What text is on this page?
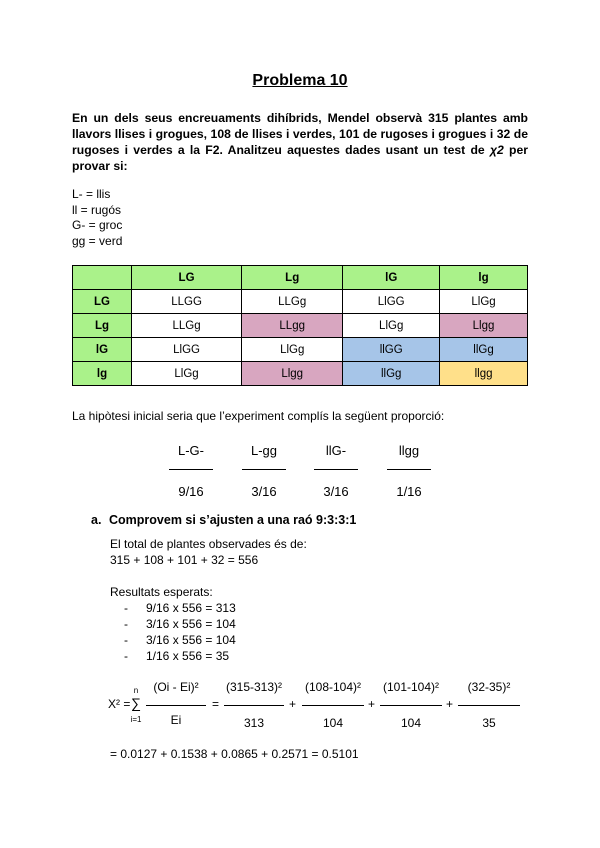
Problema 10
En un dels seus encreuaments dihíbrids, Mendel observà 315 plantes amb llavors llises i grogues, 108 de llises i verdes, 101 de rugoses i grogues i 32 de rugoses i verdes a la F2. Analitzeu aquestes dades usant un test de χ2 per provar si:
L- = llis
ll = rugós
G- = groc
gg = verd
	LG	Lg	lG	lg
LG	LLGG	LLGg	LlGG	LlGg
Lg	LLGg	LLgg	LlGg	Llgg
lG	LlGG	LlGg	llGG	llGg
lg	LlGg	Llgg	llGg	llgg
La hipòtesi inicial seria que l’experiment complís la següent proporció:
L-G-
9/16
L-gg
3/16
llG-
3/16
llgg
1/16
a. Comprovem si s’ajusten a una raó 9:3:3:1
El total de plantes observades és de:
315 + 108 + 101 + 32 = 556
Resultats esperats:
- 9/16 x 556 = 313
- 3/16 x 556 = 104
- 3/16 x 556 = 104
- 1/16 x 556 = 35
X² =
n
∑
i=1
(Oi - Ei)²
Ei
=
(315-313)²
313
+
(108-104)²
104
+
(101-104)²
104
+
(32-35)²
35
= 0.0127 + 0.1538 + 0.0865 + 0.2571 = 0.5101
